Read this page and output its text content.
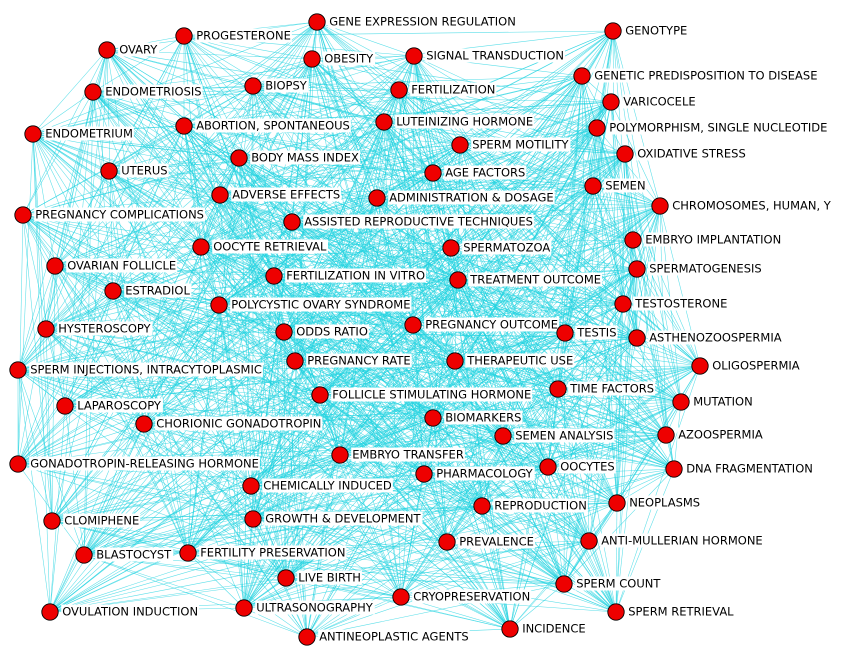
OVARY
PROGESTERONE
GENE EXPRESSION REGULATION
GENOTYPE
OBESITY	SIGNAL TRANSDUCTION
ENDOMETRIOSIS	BIOPSY	FERTILIZATION
GENETIC PREDISPOSITION TO DISEASE
VARICOCELE
ENDOMETRIUM
ABORTION, SPONTANEOUS	LUTEINIZING HORMONE	POLYMORPHISM, SINGLE NUCLEOTIDE
SPERM MOTILITY
UTERUS
BODY MASS INDEX	OXIDATIVE STRESS
AGE FACTORS
SEMEN
ADVERSE EFFECTS	ADMINISTRATION & DOSAGE
CHROMOSOMES, HUMAN, Y
PREGNANCY COMPLICATIONS	ASSISTED REPRODUCTIVE TECHNIQUES
EMBRYO IMPLANTATION
OOCYTE RETRIEVAL	SPERMATOZOA
OVARIAN FOLLICLE	SPERMATOGENESIS
FERTILIZATION IN VITRO	TREATMENT OUTCOME
ESTRADIOL
TESTOSTERONE
POLYCYSTIC OVARY SYNDROME
PREGNANCY OUTCOME
HYSTEROSCOPY	ODDS RATIO	TESTIS	ASTHENOZOOSPERMIA
PREGNANCY RATE	THERAPEUTIC USE	OLIGOSPERMIA
SPERM INJECTIONS, INTRACYTOPLASMIC
TIME FACTORS
FOLLICLE STIMULATING HORMONE	MUTATION
LAPAROSCOPY
BIOMARKERS
CHORIONIC GONADOTROPIN
SEMEN ANALYSIS	AZOOSPERMIA
EMBRYO TRANSFER
GONADOTROPIN-RELEASING HORMONE	OOCYTES	DNA FRAGMENTATION
PHARMACOLOGY
CHEMICALLY INDUCED
NEOPLASMS
REPRODUCTION
GROWTH & DEVELOPMENT
CLOMIPHENE
PREVALENCE	ANTI-MULLERIAN HORMONE
BLASTOCYST	FERTILITY PRESERVATION
LIVE BIRTH	SPERM COUNT
CRYOPRESERVATION
OVULATION INDUCTION	ULTRASONOGRAPHY	SPERM RETRIEVAL
INCIDENCE
ANTINEOPLASTIC AGENTS
